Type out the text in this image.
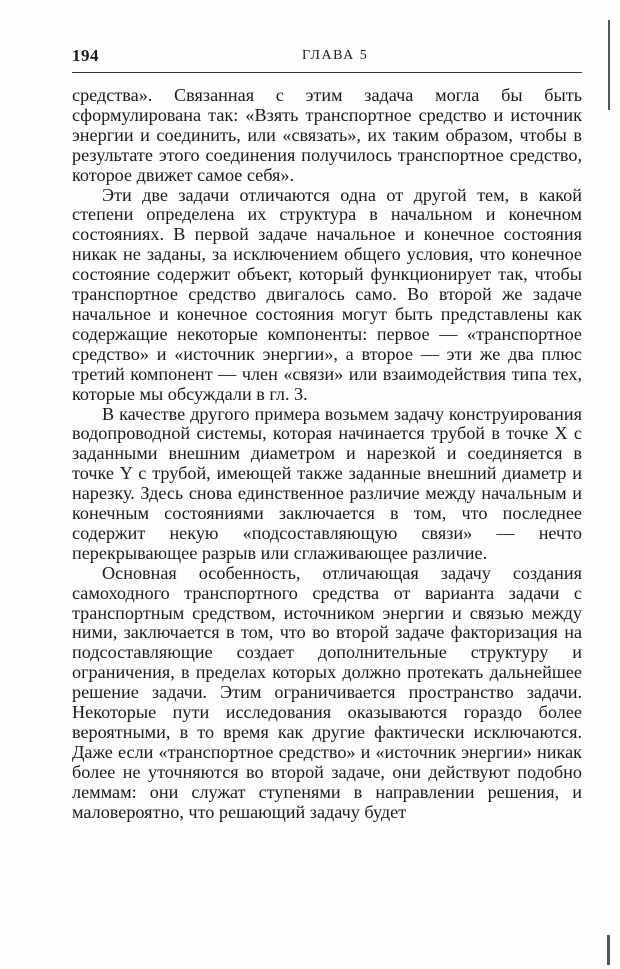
194	ГЛАВА 5

средства». Связанная с этим задача могла бы быть сформулирована так: «Взять транспортное средство и источник энергии и соединить, или «связать», их таким образом, чтобы в результате этого соединения получилось транспортное средство, которое движет самое себя».

Эти две задачи отличаются одна от другой тем, в какой степени определена их структура в начальном и конечном состояниях. В первой задаче начальное и конечное состояния никак не заданы, за исключением общего условия, что конечное состояние содержит объект, который функционирует так, чтобы транспортное средство двигалось само. Во второй же задаче начальное и конечное состояния могут быть представлены как содержащие некоторые компоненты: первое — «транспортное средство» и «источник энергии», а второе — эти же два плюс третий компонент — член «связи» или взаимодействия типа тех, которые мы обсуждали в гл. 3.

В качестве другого примера возьмем задачу конструирования водопроводной системы, которая начинается трубой в точке X с заданными внешним диаметром и нарезкой и соединяется в точке Y с трубой, имеющей также заданные внешний диаметр и нарезку. Здесь снова единственное различие между начальным и конечным состояниями заключается в том, что последнее содержит некую «подсоставляющую связи» — нечто перекрывающее разрыв или сглаживающее различие.

Основная особенность, отличающая задачу создания самоходного транспортного средства от варианта задачи с транспортным средством, источником энергии и связью между ними, заключается в том, что во второй задаче факторизация на подсоставляющие создает дополнительные структуру и ограничения, в пределах которых должно протекать дальнейшее решение задачи. Этим ограничивается пространство задачи. Некоторые пути исследования оказываются гораздо более вероятными, в то время как другие фактически исключаются. Даже если «транспортное средство» и «источник энергии» никак более не уточняются во второй задаче, они действуют подобно леммам: они служат ступенями в направлении решения, и маловероятно, что решающий задачу будет
